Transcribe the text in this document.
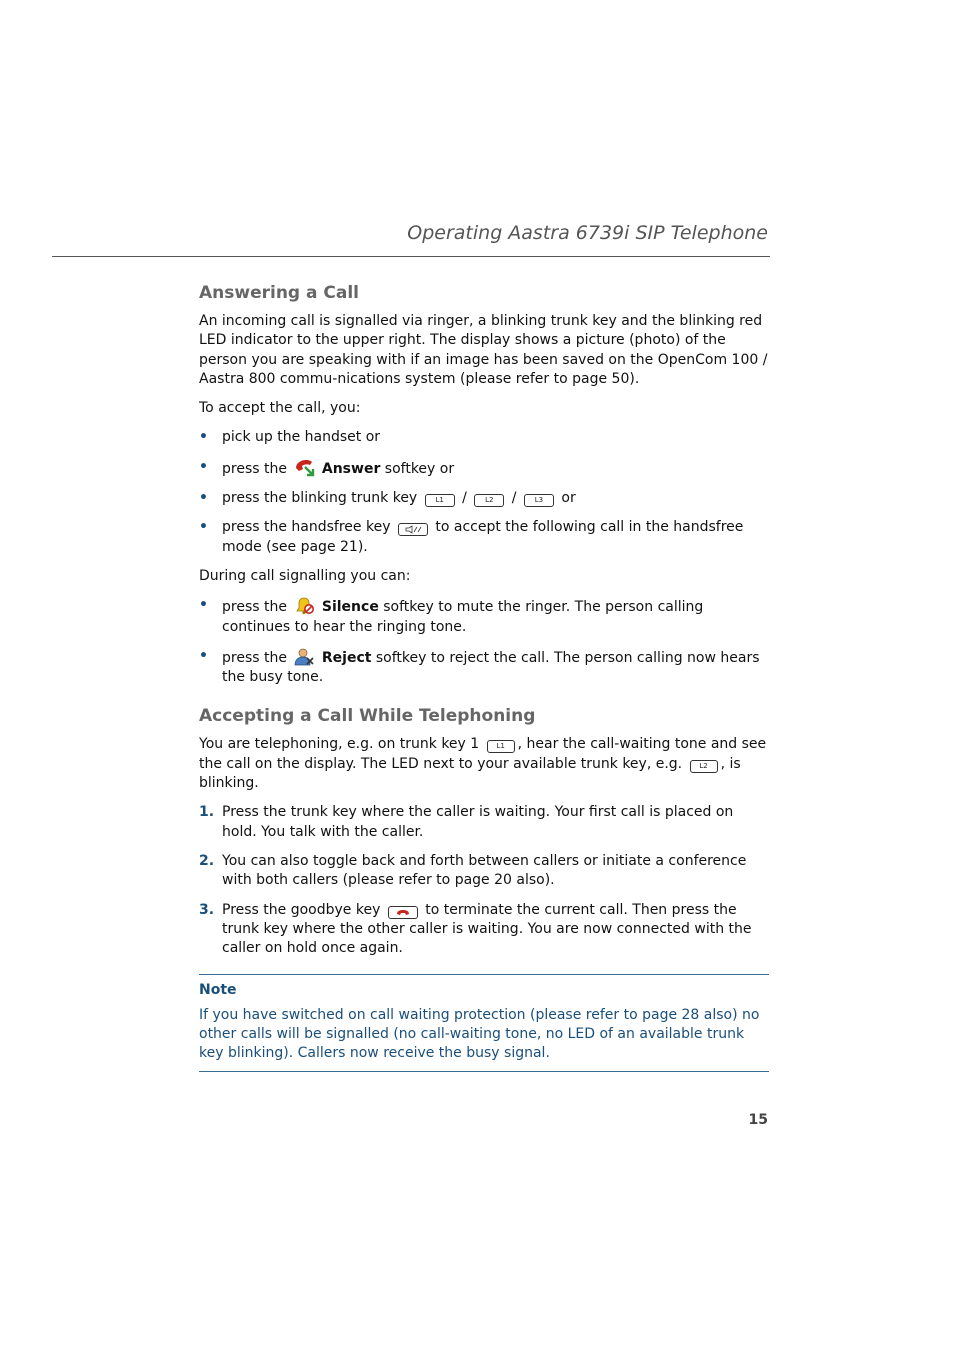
Operating Aastra 6739i SIP Telephone
Answering a Call

An incoming call is signalled via ringer, a blinking trunk key and the blinking red LED indicator to the upper right. The display shows a picture (photo) of the person you are speaking with if an image has been saved on the OpenCom 100 / Aastra 800 commu-nications system (please refer to page 50).

To accept the call, you:

• pick up the handset or
• press the Answer softkey or
• press the blinking trunk key	L1 /	L2 /	L3 or
• press the handsfree key	to accept the following call in the handsfree mode (see page 21).

During call signalling you can:

• press the Silence softkey to mute the ringer. The person calling continues to hear the ringing tone.
• press the Reject softkey to reject the call. The person calling now hears the busy tone.
Accepting a Call While Telephoning

You are telephoning, e.g. on trunk key 1 L1 , hear the call-waiting tone and see the call on the display. The LED next to your available trunk key, e.g. L2 , is blinking.

1. Press the trunk key where the caller is waiting. Your first call is placed on hold. You talk with the caller.
2. You can also toggle back and forth between callers or initiate a conference with both callers (please refer to page 20 also).
3. Press the goodbye key	to terminate the current call. Then press the trunk key where the other caller is waiting. You are now connected with the caller on hold once again.
Note

If you have switched on call waiting protection (please refer to page 28 also) no other calls will be signalled (no call-waiting tone, no LED of an available trunk key blinking). Callers now receive the busy signal.

15
